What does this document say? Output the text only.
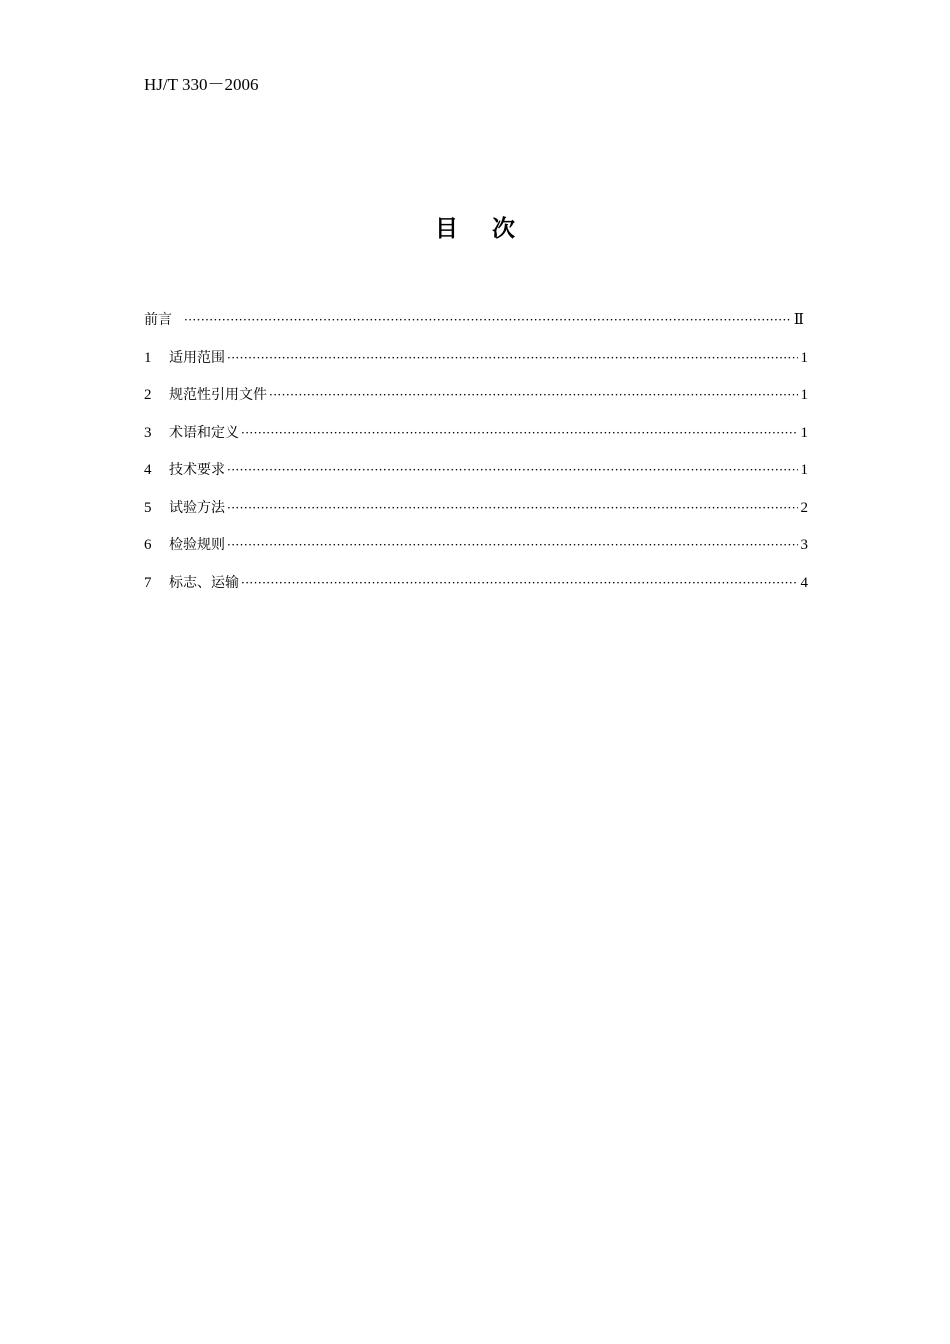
HJ/T 330－2006
目 次
前言 ·····	Ⅱ
1	适用范围 ·····	1
2	规范性引用文件 ·····	1
3	术语和定义 ·····	1
4	技术要求 ·····	1
5	试验方法 ·····	2
6	检验规则 ·····	3
7	标志、运输 ·····	4
